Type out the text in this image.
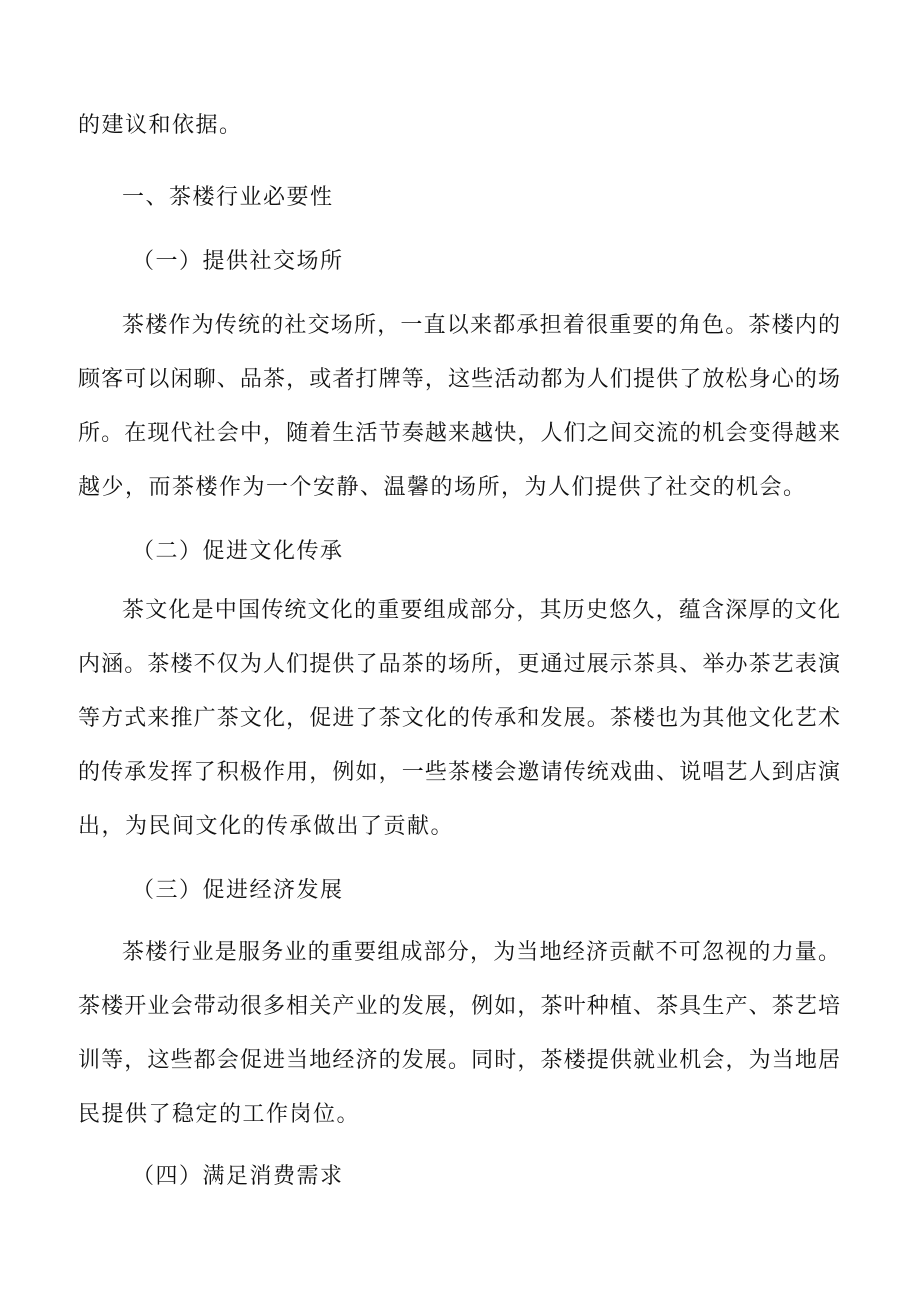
的建议和依据。
一、茶楼行业必要性
（一）提供社交场所
茶楼作为传统的社交场所，一直以来都承担着很重要的角色。茶楼内的
顾客可以闲聊、品茶，或者打牌等，这些活动都为人们提供了放松身心的场
所。在现代社会中，随着生活节奏越来越快，人们之间交流的机会变得越来
越少，而茶楼作为一个安静、温馨的场所，为人们提供了社交的机会。
（二）促进文化传承
茶文化是中国传统文化的重要组成部分，其历史悠久，蕴含深厚的文化
内涵。茶楼不仅为人们提供了品茶的场所，更通过展示茶具、举办茶艺表演
等方式来推广茶文化，促进了茶文化的传承和发展。茶楼也为其他文化艺术
的传承发挥了积极作用，例如，一些茶楼会邀请传统戏曲、说唱艺人到店演
出，为民间文化的传承做出了贡献。
（三）促进经济发展
茶楼行业是服务业的重要组成部分，为当地经济贡献不可忽视的力量。
茶楼开业会带动很多相关产业的发展，例如，茶叶种植、茶具生产、茶艺培
训等，这些都会促进当地经济的发展。同时，茶楼提供就业机会，为当地居
民提供了稳定的工作岗位。
（四）满足消费需求
